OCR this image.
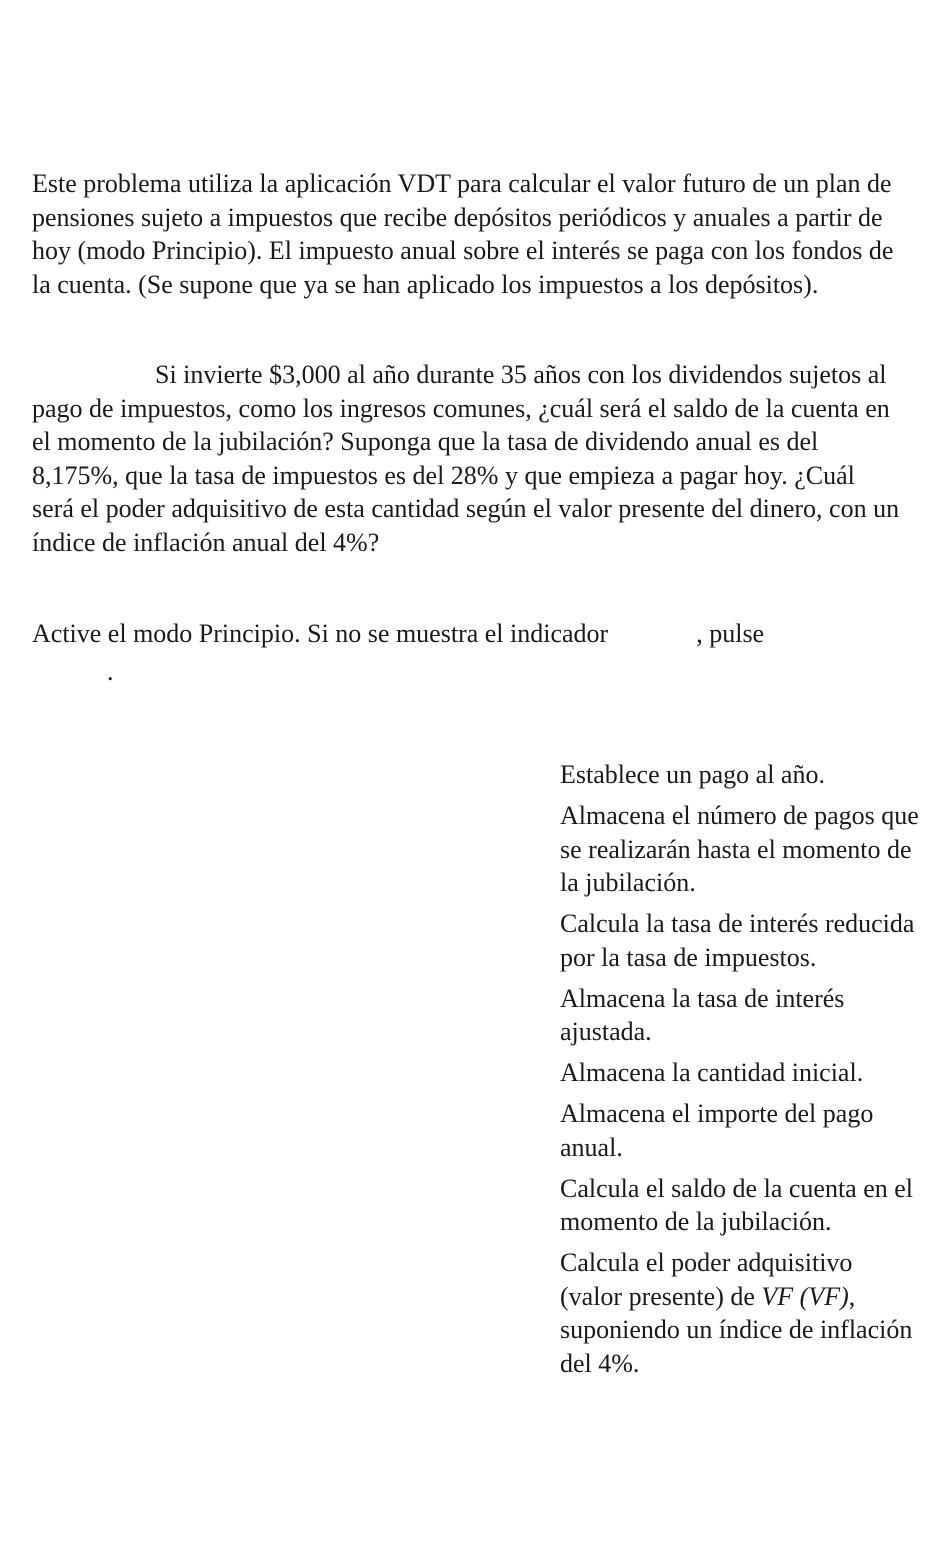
Este problema utiliza la aplicación VDT para calcular el valor futuro de un plan de pensiones sujeto a impuestos que recibe depósitos periódicos y anuales a partir de hoy (modo Principio). El impuesto anual sobre el interés se paga con los fondos de la cuenta. (Se supone que ya se han aplicado los impuestos a los depósitos).

Si invierte $3,000 al año durante 35 años con los dividendos sujetos al pago de impuestos, como los ingresos comunes, ¿cuál será el saldo de la cuenta en el momento de la jubilación? Suponga que la tasa de dividendo anual es del 8,175%, que la tasa de impuestos es del 28% y que empieza a pagar hoy. ¿Cuál será el poder adquisitivo de esta cantidad según el valor presente del dinero, con un índice de inflación anual del 4%?

Active el modo Principio. Si no se muestra el indicador	, pulse

.
Establece un pago al año.
Almacena el número de pagos que se realizarán hasta el momento de la jubilación.
Calcula la tasa de interés reducida por la tasa de impuestos.
Almacena la tasa de interés ajustada.
Almacena la cantidad inicial.
Almacena el importe del pago anual.
Calcula el saldo de la cuenta en el momento de la jubilación.
Calcula el poder adquisitivo (valor presente) de VF (VF), suponiendo un índice de inflación del 4%.
